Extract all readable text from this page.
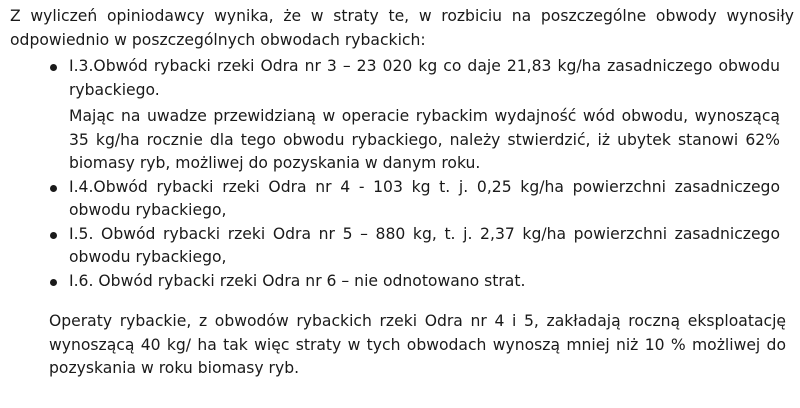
Z wyliczeń opiniodawcy wynika, że w straty te, w rozbiciu na poszczególne obwody wynosiły odpowiednio w poszczególnych obwodach rybackich:

I.3.Obwód rybacki rzeki Odra nr 3 – 23 020 kg co daje 21,83 kg/ha zasadniczego obwodu rybackiego.

Mając na uwadze przewidzianą w operacie rybackim wydajność wód obwodu, wynoszącą 35 kg/ha rocznie dla tego obwodu rybackiego, należy stwierdzić, iż ubytek stanowi 62% biomasy ryb, możliwej do pozyskania w danym roku.

I.4.Obwód rybacki rzeki Odra nr 4 - 103 kg t. j. 0,25 kg/ha powierzchni zasadniczego obwodu rybackiego,

I.5. Obwód rybacki rzeki Odra nr 5 – 880 kg, t. j. 2,37 kg/ha powierzchni zasadniczego obwodu rybackiego,

I.6. Obwód rybacki rzeki Odra nr 6 – nie odnotowano strat.

Operaty rybackie, z obwodów rybackich rzeki Odra nr 4 i 5, zakładają roczną eksploatację wynoszącą 40 kg/ ha tak więc straty w tych obwodach wynoszą mniej niż 10 % możliwej do pozyskania w roku biomasy ryb.
